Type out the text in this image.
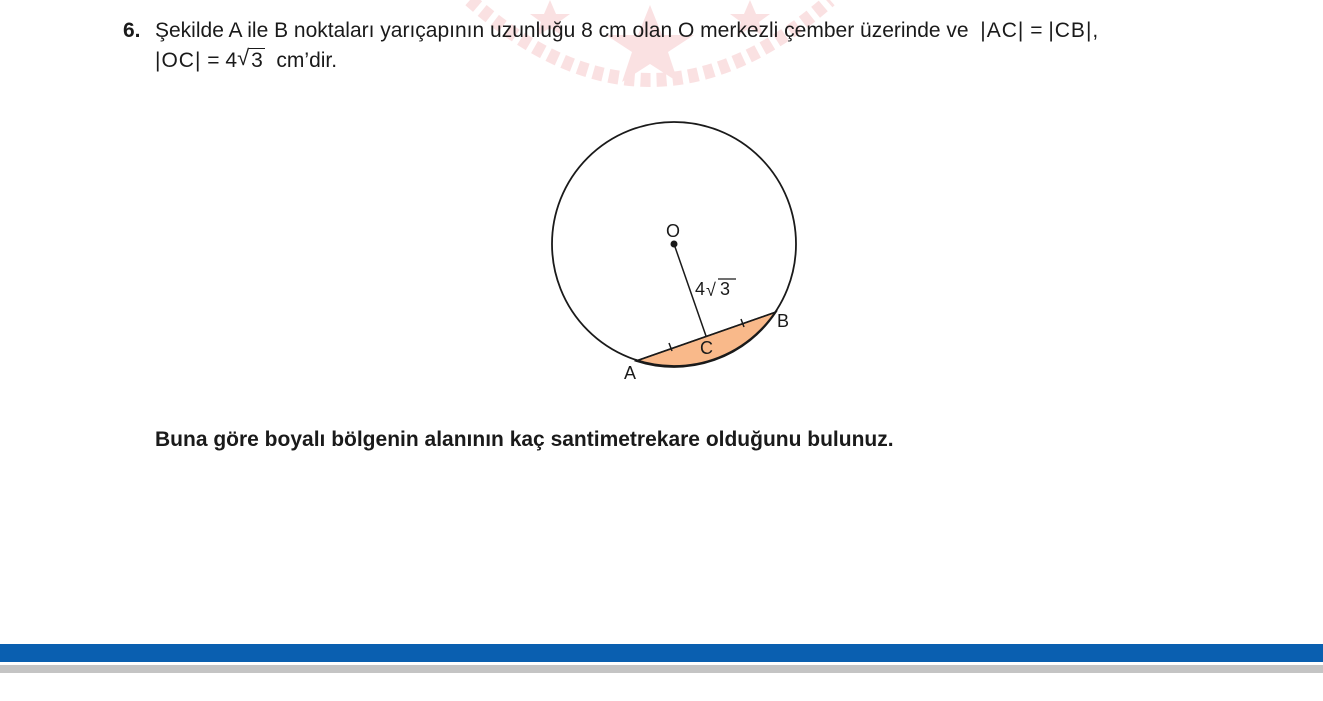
6. Şekilde A ile B noktaları yarıçapının uzunluğu 8 cm olan O merkezli çember üzerinde ve
|AC|
=
|CB| ,
|OC|
=
4 √ 3
cm’dir.
O
A
B
C
4 √ 3
Buna göre boyalı bölgenin alanının kaç santimetrekare olduğunu bulunuz.
